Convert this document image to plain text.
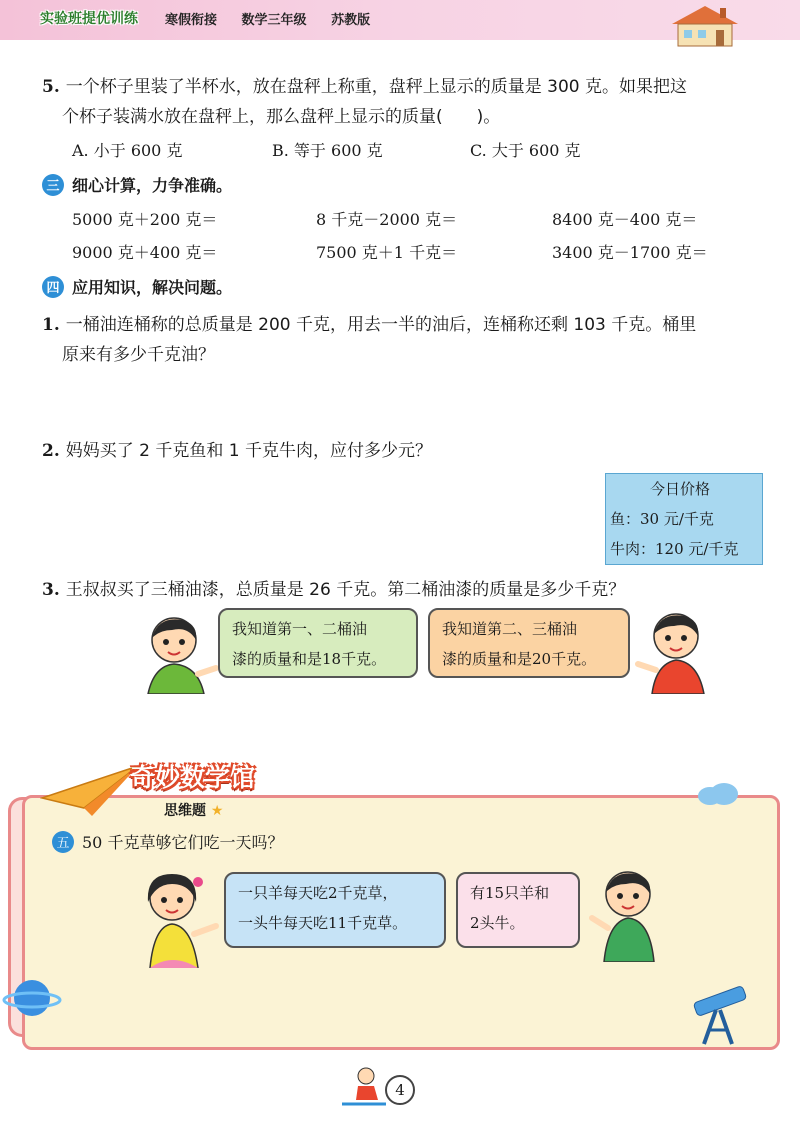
实验班提优训练 寒假衔接 数学三年级 苏教版
5. 一个杯子里装了半杯水，放在盘秤上称重，盘秤上显示的质量是 300 克。如果把这
个杯子装满水放在盘秤上，那么盘秤上显示的质量(　　)。
A. 小于 600 克	B. 等于 600 克	C. 大于 600 克
三 细心计算，力争准确。
5000 克＋200 克＝	8 千克－2000 克＝	8400 克－400 克＝
9000 克＋400 克＝	7500 克＋1 千克＝	3400 克－1700 克＝
四 应用知识，解决问题。
1. 一桶油连桶称的总质量是 200 千克，用去一半的油后，连桶称还剩 103 千克。桶里
原来有多少千克油？
2. 妈妈买了 2 千克鱼和 1 千克牛肉，应付多少元？
今日价格
鱼：30 元/千克
牛肉：120 元/千克
3. 王叔叔买了三桶油漆，总质量是 26 千克。第二桶油漆的质量是多少千克？
我知道第一、二桶油
漆的质量和是18千克。
我知道第二、三桶油
漆的质量和是20千克。
奇妙数学馆
思维题 ★
五 50 千克草够它们吃一天吗？
一只羊每天吃2千克草，
一头牛每天吃11千克草。
有15只羊和
2头牛。
4
